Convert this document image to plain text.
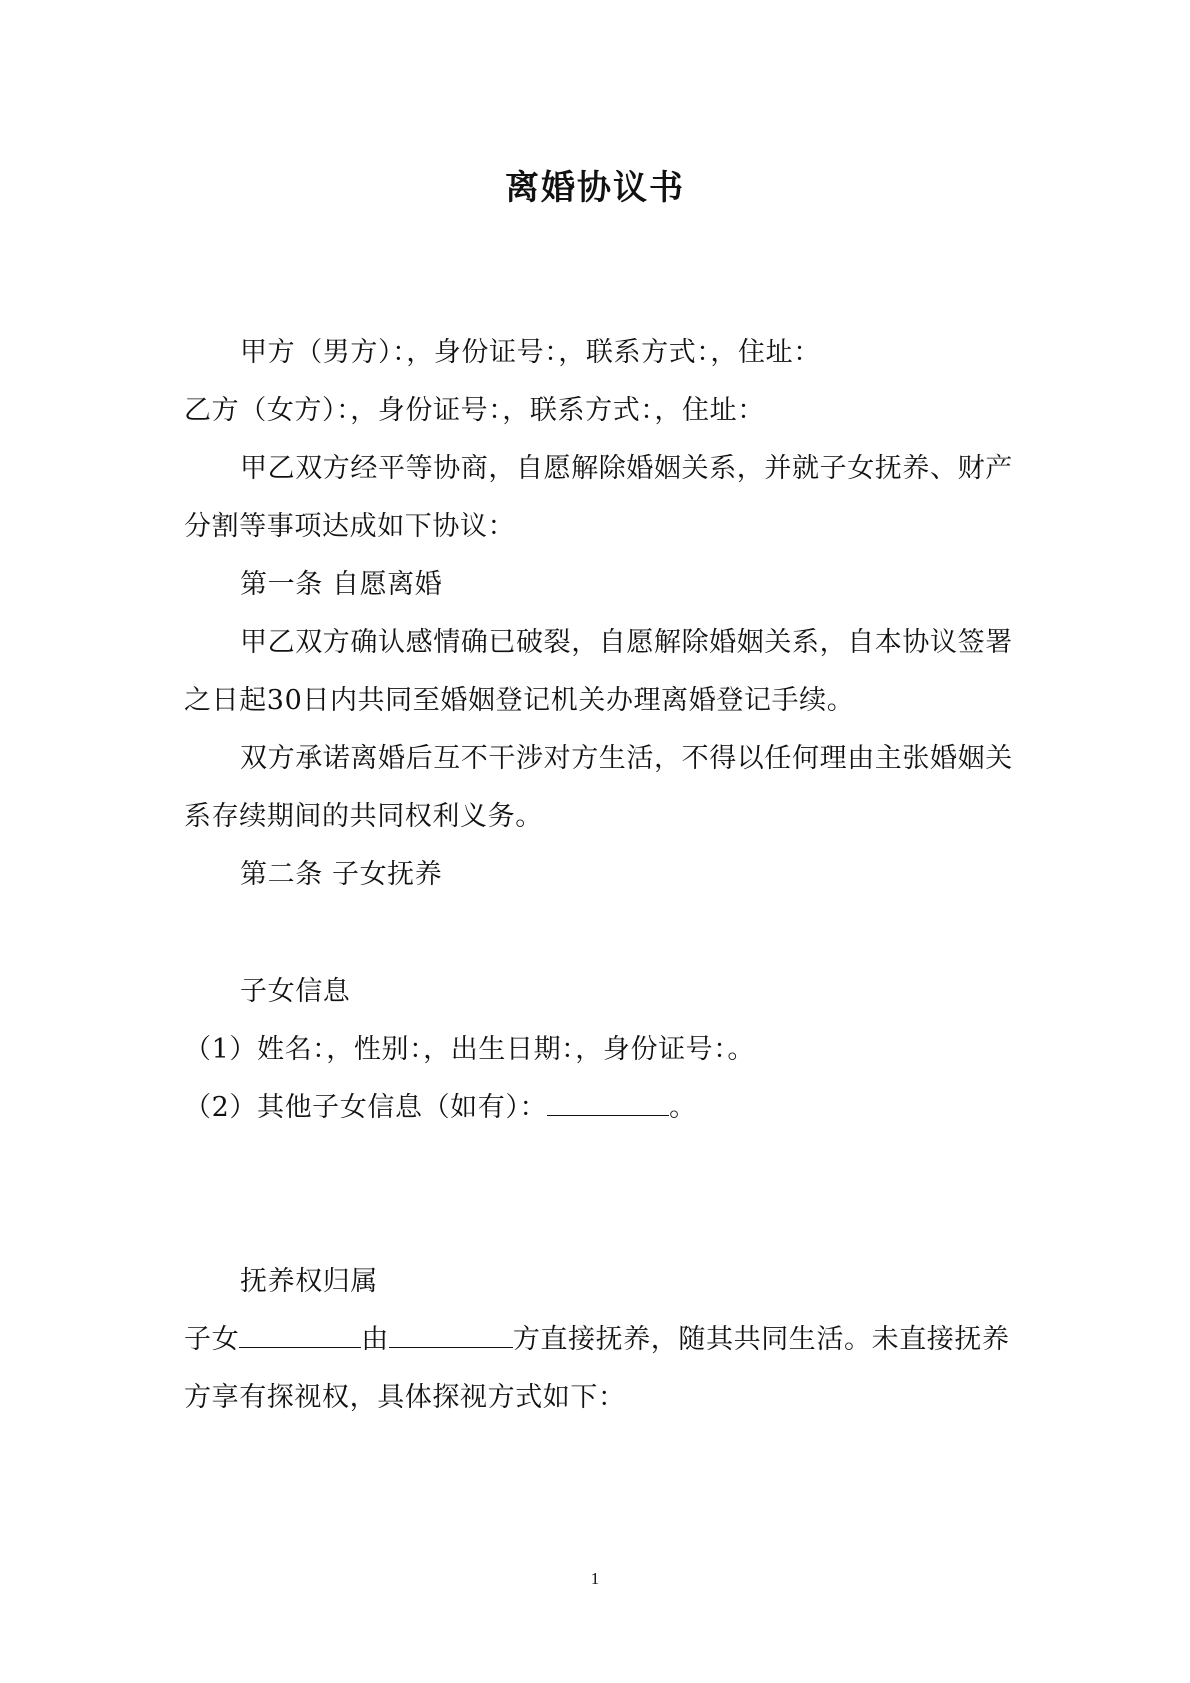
离婚协议书
甲方（男方）：，身份证号：，联系方式：，住址：
乙方（女方）：，身份证号：，联系方式：，住址：
甲乙双方经平等协商，自愿解除婚姻关系，并就子女抚养、财产
分割等事项达成如下协议：
第一条 自愿离婚
甲乙双方确认感情确已破裂，自愿解除婚姻关系，自本协议签署
之日起30日内共同至婚姻登记机关办理离婚登记手续。
双方承诺离婚后互不干涉对方生活，不得以任何理由主张婚姻关
系存续期间的共同权利义务。
第二条 子女抚养
子女信息
（1）姓名：，性别：，出生日期：，身份证号：。
（2）其他子女信息（如有）：	。
抚养权归属
子女	由	方直接抚养，随其共同生活。未直接抚养
方享有探视权，具体探视方式如下：
1
